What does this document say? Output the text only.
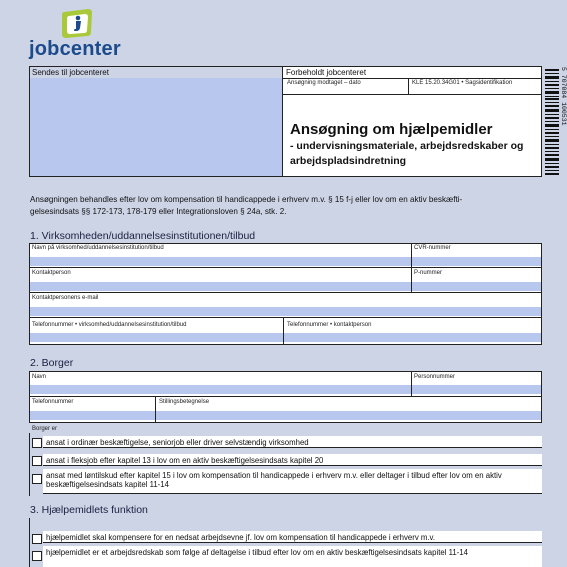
jobcenter
Sendes til jobcenteret	Forbeholdt jobcenteret
Ansøgning modtaget – dato	KLE 15.20.34G01 • Sagsidentifikation
Ansøgning om hjælpemidler
- undervisningsmateriale, arbejdsredskaber og
arbejdspladsindretning
5 707084 100531
Ansøgningen behandles efter lov om kompensation til handicappede i erhverv m.v. § 15 f-j eller lov om en aktiv beskæfti-
gelsesindsats §§ 172-173, 178-179 eller Integrationsloven § 24a, stk. 2.
1. Virksomheden/uddannelsesinstitutionen/tilbud
Navn på virksomhed/uddannelsesinstitution/tilbud	CVR-nummer
Kontaktperson	P-nummer
Kontaktpersonens e-mail
Telefonnummer • virksomhed/uddannelsesinstitution/tilbud	Telefonnummer • kontaktperson
2. Borger
Navn	Personnummer
Telefonnummer	Stillingsbetegnelse
Borger er
ansat i ordinær beskæftigelse, seniorjob eller driver selvstændig virksomhed
ansat i fleksjob efter kapitel 13 i lov om en aktiv beskæftigelsesindsats kapitel 20
ansat med løntilskud efter kapitel 15 i lov om kompensation til handicappede i erhverv m.v. eller deltager i tilbud efter lov om en aktiv beskæftigelsesindsats kapitel 11-14
3. Hjælpemidlets funktion
hjælpemidlet skal kompensere for en nedsat arbejdsevne jf. lov om kompensation til handicappede i erhverv m.v.
hjælpemidlet er et arbejdsredskab som følge af deltagelse i tilbud efter lov om en aktiv beskæftigelsesindsats kapitel 11-14
